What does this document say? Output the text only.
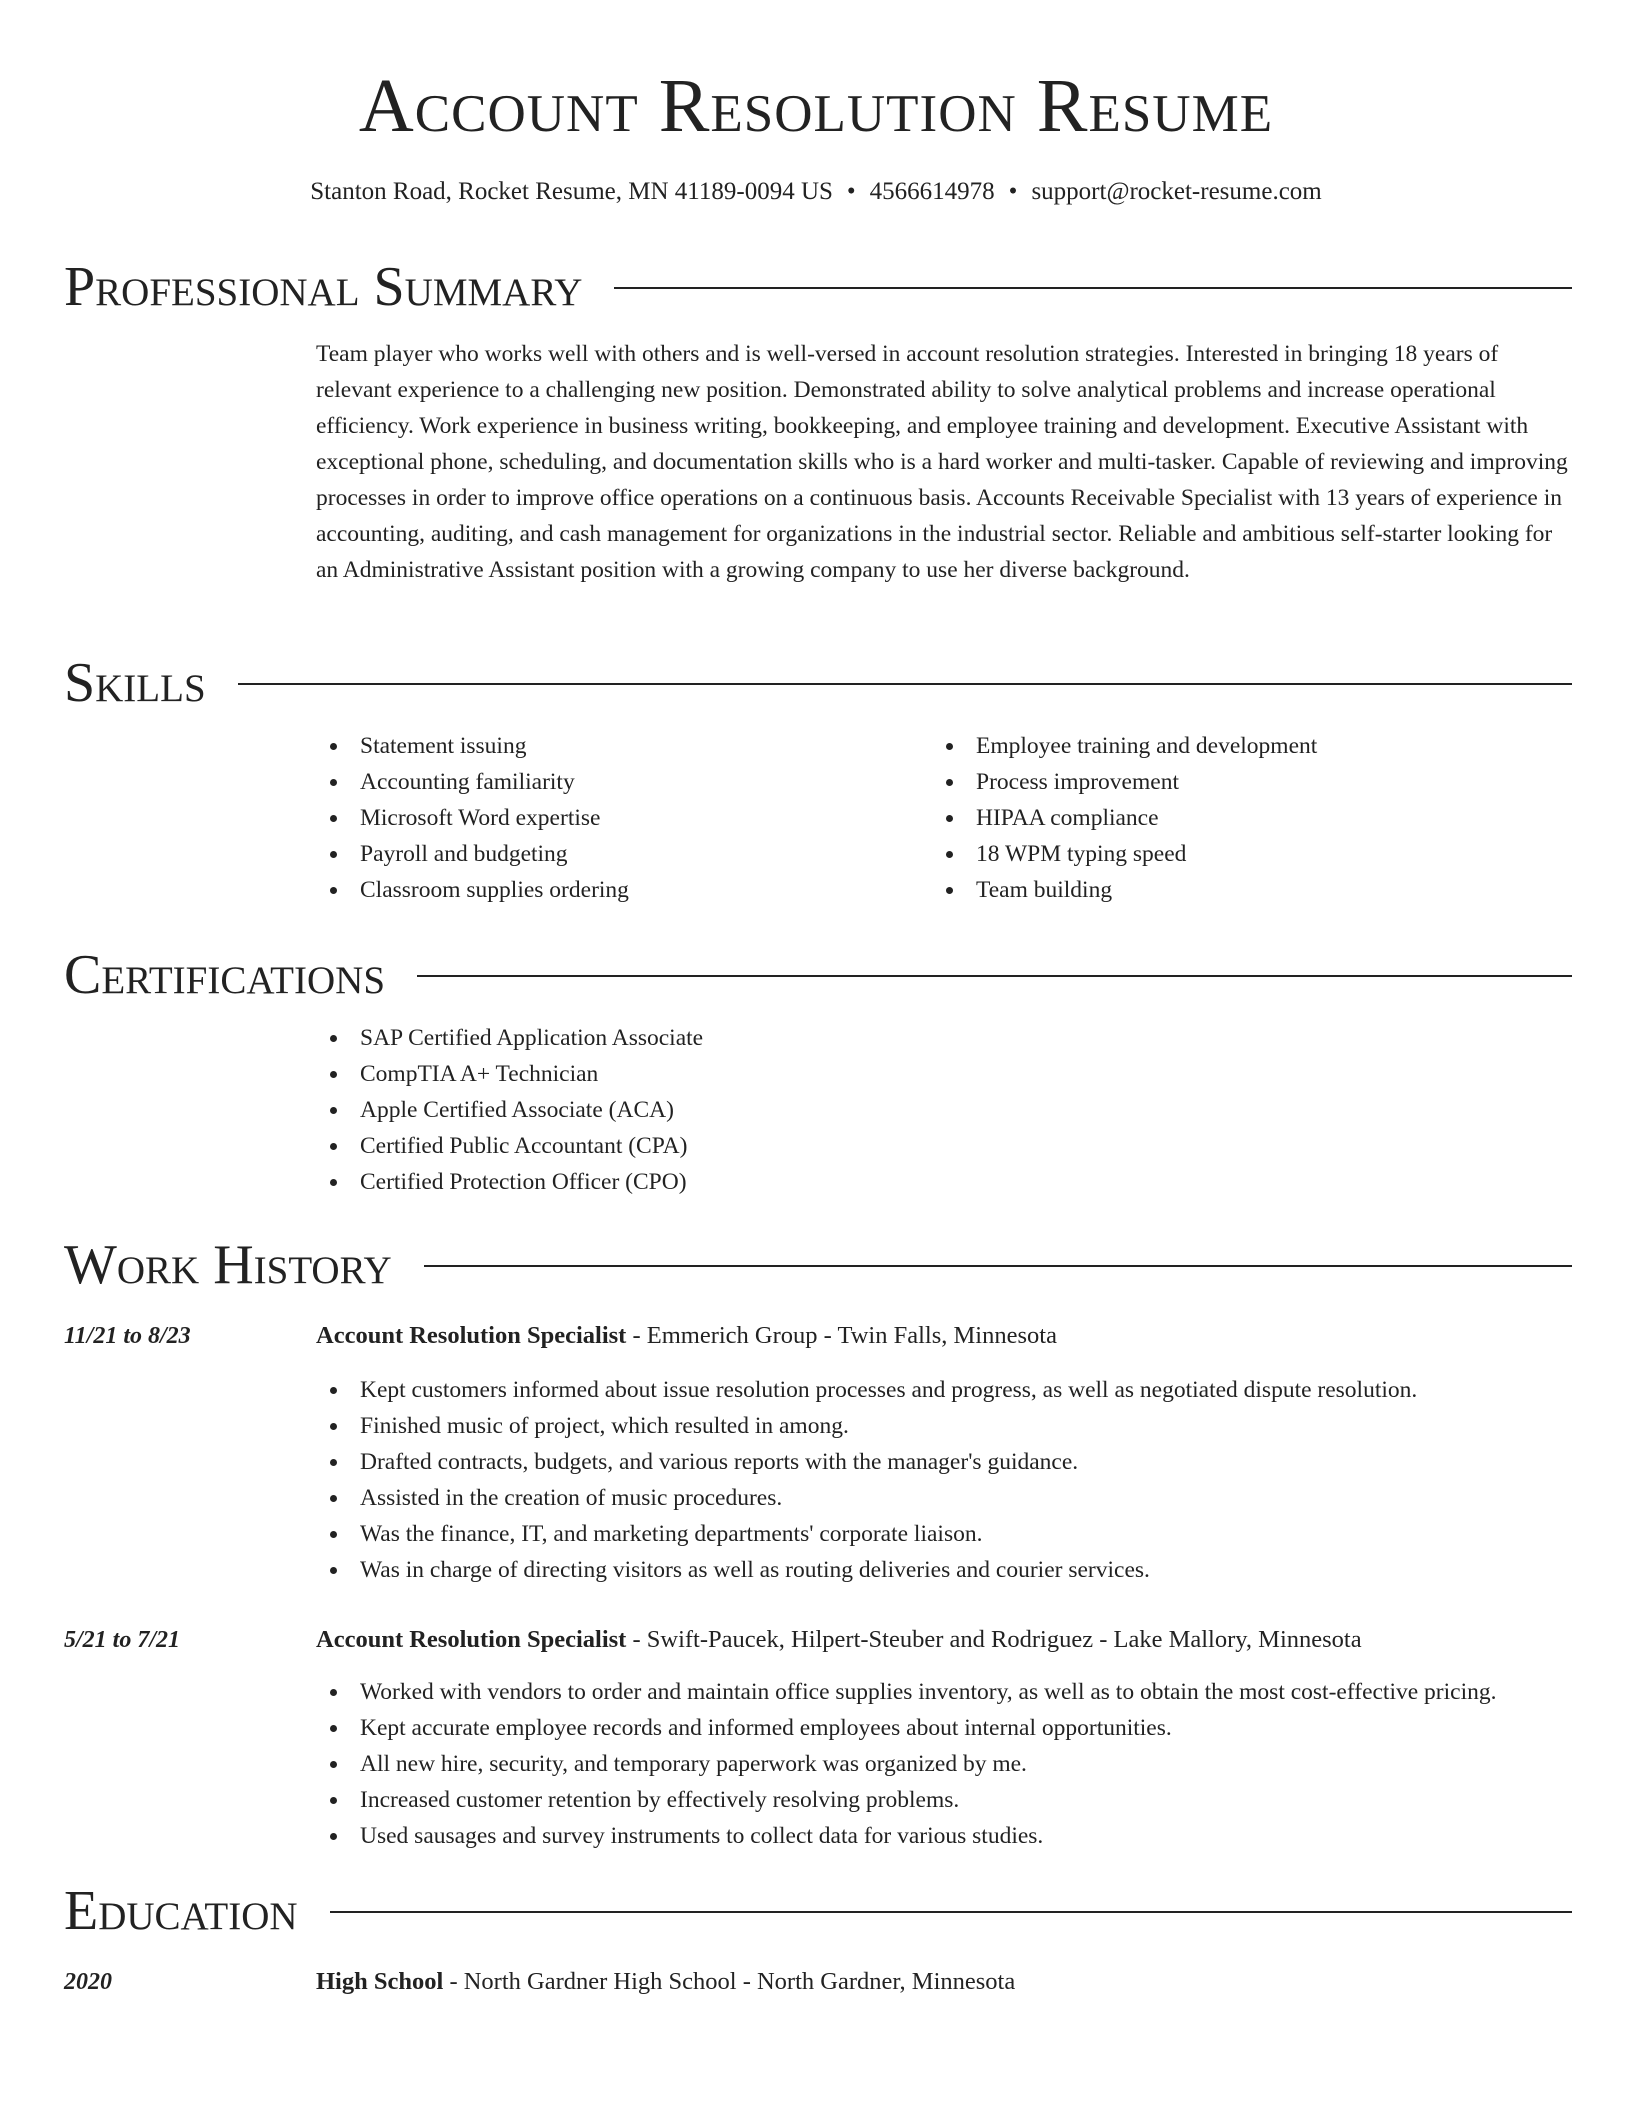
Account Resolution Resume
Stanton Road, Rocket Resume, MN 41189-0094 US • 4566614978 • support@rocket-resume.com
Professional Summary
Team player who works well with others and is well-versed in account resolution strategies. Interested in bringing 18 years of relevant experience to a challenging new position. Demonstrated ability to solve analytical problems and increase operational efficiency. Work experience in business writing, bookkeeping, and employee training and development. Executive Assistant with exceptional phone, scheduling, and documentation skills who is a hard worker and multi-tasker. Capable of reviewing and improving processes in order to improve office operations on a continuous basis. Accounts Receivable Specialist with 13 years of experience in accounting, auditing, and cash management for organizations in the industrial sector. Reliable and ambitious self-starter looking for an Administrative Assistant position with a growing company to use her diverse background.
Skills
Statement issuing
Accounting familiarity
Microsoft Word expertise
Payroll and budgeting
Classroom supplies ordering
Employee training and development
Process improvement
HIPAA compliance
18 WPM typing speed
Team building
Certifications
SAP Certified Application Associate
CompTIA A+ Technician
Apple Certified Associate (ACA)
Certified Public Accountant (CPA)
Certified Protection Officer (CPO)
Work History
11/21 to 8/23	Account Resolution Specialist - Emmerich Group - Twin Falls, Minnesota
Kept customers informed about issue resolution processes and progress, as well as negotiated dispute resolution.
Finished music of project, which resulted in among.
Drafted contracts, budgets, and various reports with the manager's guidance.
Assisted in the creation of music procedures.
Was the finance, IT, and marketing departments' corporate liaison.
Was in charge of directing visitors as well as routing deliveries and courier services.
5/21 to 7/21	Account Resolution Specialist - Swift-Paucek, Hilpert-Steuber and Rodriguez - Lake Mallory, Minnesota
Worked with vendors to order and maintain office supplies inventory, as well as to obtain the most cost-effective pricing.
Kept accurate employee records and informed employees about internal opportunities.
All new hire, security, and temporary paperwork was organized by me.
Increased customer retention by effectively resolving problems.
Used sausages and survey instruments to collect data for various studies.
Education
2020	High School - North Gardner High School - North Gardner, Minnesota
